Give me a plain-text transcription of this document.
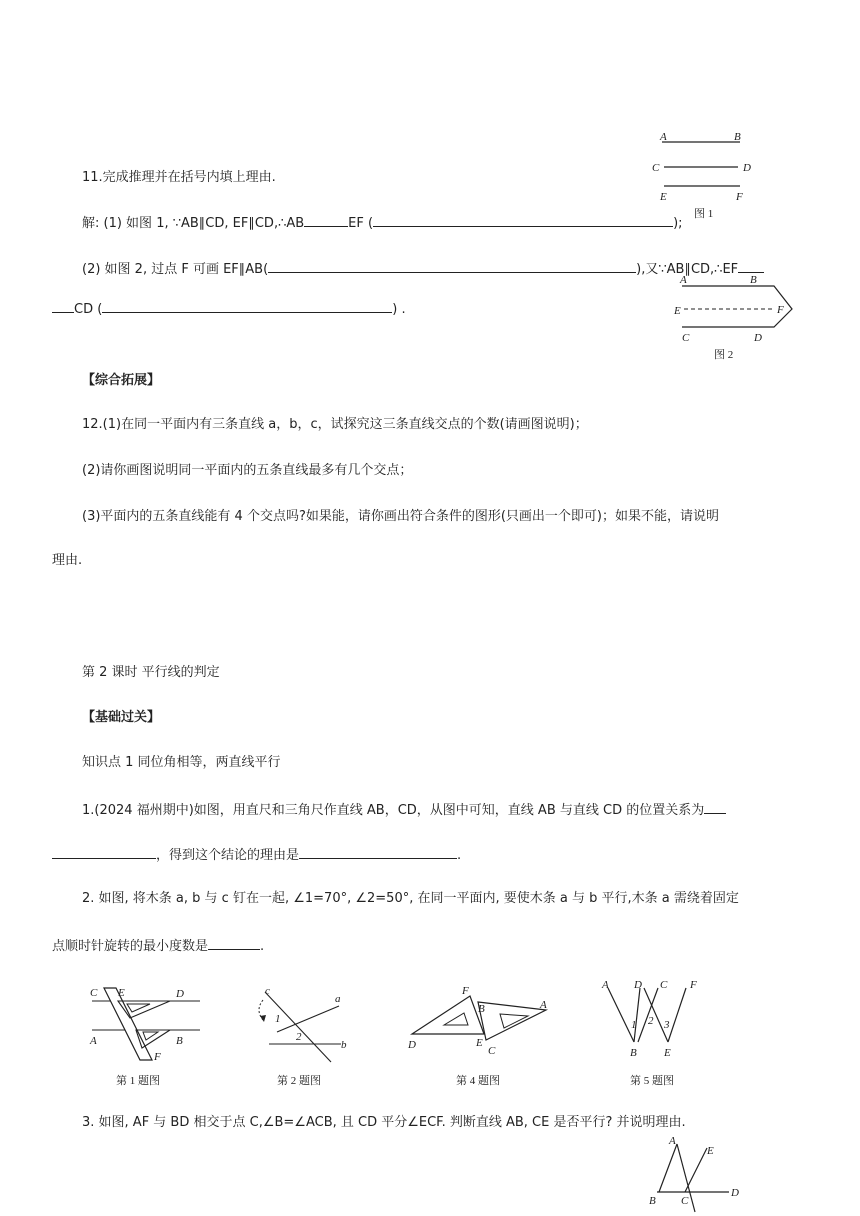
11.完成推理并在括号内填上理由.
解: (1) 如图 1, ∵AB∥CD, EF∥CD,∴AB	EF (	);
(2) 如图 2, 过点 F 可画 EF∥AB(	),又∵AB∥CD,∴EF
CD (	) .
A	B
C	D
E	F
图 1
A	B
E	F
C	D
图 2
【综合拓展】
12.(1)在同一平面内有三条直线 a，b，c，试探究这三条直线交点的个数(请画图说明)；
(2)请你画图说明同一平面内的五条直线最多有几个交点；
(3)平面内的五条直线能有 4 个交点吗?如果能，请你画出符合条件的图形(只画出一个即可)；如果不能，请说明
理由.
第 2 课时 平行线的判定
【基础过关】
知识点 1 同位角相等，两直线平行
1.(2024 福州期中)如图，用直尺和三角尺作直线 AB，CD，从图中可知，直线 AB 与直线 CD 的位置关系为
，得到这个结论的理由是	.
2. 如图, 将木条 a, b 与 c 钉在一起, ∠1=70°, ∠2=50°, 在同一平面内, 要使木条 a 与 b 平行,木条 a 需绕着固定
点顺时针旋转的最小度数是	.
C E	D
A	B
F
第 1 题图
c
a
1
2
b
第 2 题图
F
B	A
D	E
C
第 4 题图
A D C F
1 2 3
B E
第 5 题图
3. 如图, AF 与 BD 相交于点 C,∠B=∠ACB, 且 CD 平分∠ECF. 判断直线 AB, CE 是否平行? 并说明理由.
A
E
B C
D
